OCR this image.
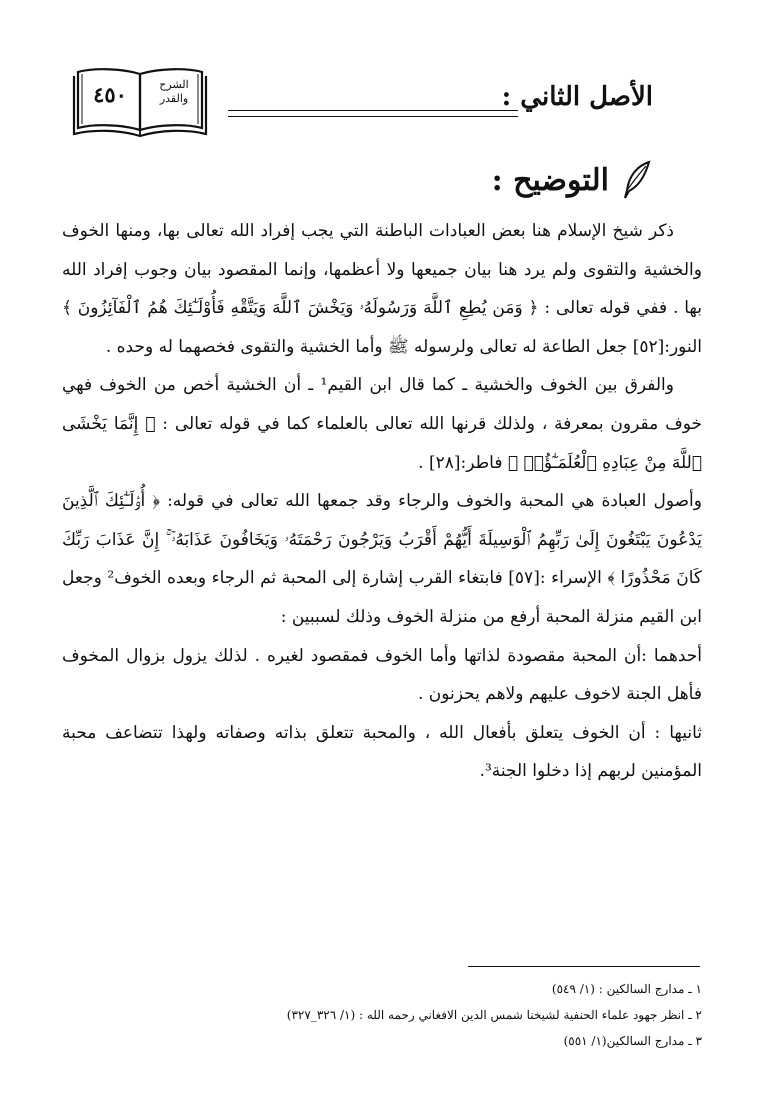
٤٥٠	الشرح
والقدر	الأصل الثاني :
التوضيح :

ذكر شيخ الإسلام هنا بعض العبادات الباطنة التي يجب إفراد الله تعالى بها، ومنها الخوف والخشية والتقوى ولم يرد هنا بيان جميعها ولا أعظمها، وإنما المقصود بيان وجوب إفراد الله بها . ففي قوله تعالى : ﴿ وَمَن يُطِعِ ٱللَّهَ وَرَسُولَهُۥ وَيَخْشَ ٱللَّهَ وَيَتَّقْهِ فَأُوْلَـٰٓئِكَ هُمُ ٱلْفَآئِزُونَ ﴾ النور:[٥٢] جعل الطاعة له تعالى ولرسوله ﷺ وأما الخشية والتقوى فخصهما له وحده .

والفرق بين الخوف والخشية ـ كما قال ابن القيم¹ ـ أن الخشية أخص من الخوف فهي خوف مقرون بمعرفة ، ولذلك قرنها الله تعالى بالعلماء كما في قوله تعالى : ﴿ إِنَّمَا يَخْشَى ٱللَّهَ مِنْ عِبَادِهِ ٱلْعُلَمَـٰٓؤُا۟ ﴾ فاطر:[٢٨] .

وأصول العبادة هي المحبة والخوف والرجاء وقد جمعها الله تعالى في قوله: ﴿ أُو۟لَـٰٓئِكَ ٱلَّذِينَ يَدْعُونَ يَبْتَغُونَ إِلَىٰ رَبِّهِمُ ٱلْوَسِيلَةَ أَيُّهُمْ أَقْرَبُ وَيَرْجُونَ رَحْمَتَهُۥ وَيَخَافُونَ عَذَابَهُۥٓ ۚ إِنَّ عَذَابَ رَبِّكَ كَانَ مَحْذُورًا ﴾ الإسراء :[٥٧] فابتغاء القرب إشارة إلى المحبة ثم الرجاء وبعده الخوف² وجعل ابن القيم منزلة المحبة أرفع من منزلة الخوف وذلك لسببين :

أحدهما :أن المحبة مقصودة لذاتها وأما الخوف فمقصود لغيره . لذلك يزول بزوال المخوف فأهل الجنة لاخوف عليهم ولاهم يحزنون .

ثانيها : أن الخوف يتعلق بأفعال الله ، والمحبة تتعلق بذاته وصفاته ولهذا تتضاعف محبة المؤمنين لربهم إذا دخلوا الجنة³.

١ ـ مدارج السالكين : (١/ ٥٤٩)
٢ ـ انظر جهود علماء الحنفية لشيخنا شمس الدين الافغاني رحمه الله : (١/ ٣٢٦_٣٢٧)
٣ ـ مدارج السالكين(١/ ٥٥١)
